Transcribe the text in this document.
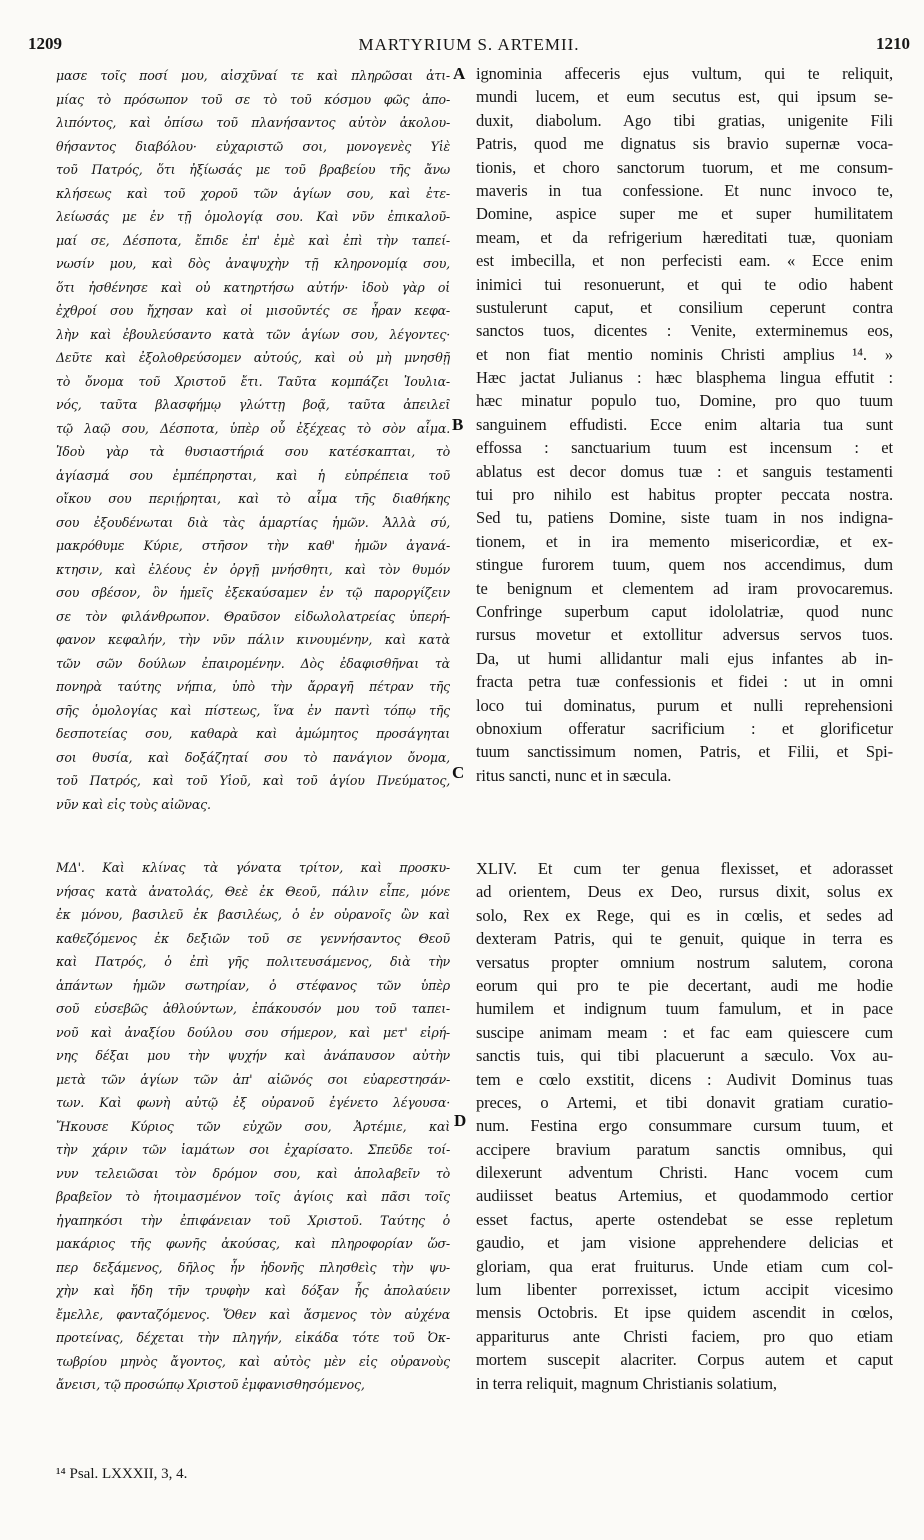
1209	MARTYRIUM S. ARTEMII.	1210
μασε τοῖς ποσί μου, αἰσχῦναί τε καὶ πληρῶσαι ἀτι-
μίας τὸ πρόσωπον τοῦ σε τὸ τοῦ κόσμου φῶς ἀπο-
λιπόντος, καὶ ὀπίσω τοῦ πλανήσαντος αὐτὸν ἀκολου-
θήσαντος διαβόλου· εὐχαριστῶ σοι, μονογενὲς Υἱὲ
τοῦ Πατρός, ὅτι ἠξίωσάς με τοῦ βραβείου τῆς ἄνω
κλήσεως καὶ τοῦ χοροῦ τῶν ἁγίων σου, καὶ ἐτε-
λείωσάς με ἐν τῇ ὁμολογίᾳ σου. Καὶ νῦν ἐπικαλοῦ-
μαί σε, Δέσποτα, ἔπιδε ἐπ' ἐμὲ καὶ ἐπὶ τὴν ταπεί-
νωσίν μου, καὶ δὸς ἀναψυχὴν τῇ κληρονομίᾳ σου,
ὅτι ἠσθένησε καὶ οὐ κατηρτήσω αὐτήν· ἰδοὺ γὰρ οἱ
ἐχθροί σου ἤχησαν καὶ οἱ μισοῦντές σε ἦραν κεφα-
λὴν καὶ ἐβουλεύσαντο κατὰ τῶν ἁγίων σου, λέγοντες·
Δεῦτε καὶ ἐξολοθρεύσομεν αὐτούς, καὶ οὐ μὴ μνησθῇ
τὸ ὄνομα τοῦ Χριστοῦ ἔτι. Ταῦτα κομπάζει Ἰουλια-
νός, ταῦτα βλασφήμῳ γλώττῃ βοᾷ, ταῦτα ἀπειλεῖ
τῷ λαῷ σου, Δέσποτα, ὑπὲρ οὗ ἐξέχεας τὸ σὸν αἷμα.
Ἰδοὺ γὰρ τὰ θυσιαστήριά σου κατέσκαπται, τὸ
ἁγίασμά σου ἐμπέπρησται, καὶ ἡ εὐπρέπεια τοῦ
οἴκου σου περιῄρηται, καὶ τὸ αἷμα τῆς διαθήκης
σου ἐξουδένωται διὰ τὰς ἁμαρτίας ἡμῶν. Ἀλλὰ σύ,
μακρόθυμε Κύριε, στῆσον τὴν καθ' ἡμῶν ἀγανά-
κτησιν, καὶ ἐλέους ἐν ὀργῇ μνήσθητι, καὶ τὸν θυμόν
σου σβέσον, ὃν ἡμεῖς ἐξεκαύσαμεν ἐν τῷ παροργίζειν
σε τὸν φιλάνθρωπον. Θραῦσον εἰδωλολατρείας ὑπερή-
φανον κεφαλήν, τὴν νῦν πάλιν κινουμένην, καὶ κατὰ
τῶν σῶν δούλων ἐπαιρομένην. Δὸς ἐδαφισθῆναι τὰ
πονηρὰ ταύτης νήπια, ὑπὸ τὴν ἄρραγῆ πέτραν τῆς
σῆς ὁμολογίας καὶ πίστεως, ἵνα ἐν παντὶ τόπῳ τῆς
δεσποτείας σου, καθαρὰ καὶ ἀμώμητος προσάγηται
σοι θυσία, καὶ δοξάζηταί σου τὸ πανάγιον ὄνομα,
τοῦ Πατρός, καὶ τοῦ Υἱοῦ, καὶ τοῦ ἁγίου Πνεύματος,
νῦν καὶ εἰς τοὺς αἰῶνας.
ignominia affeceris ejus vultum, qui te reliquit,
mundi lucem, et eum secutus est, qui ipsum se-
duxit, diabolum. Ago tibi gratias, unigenite Fili
Patris, quod me dignatus sis bravio supernæ voca-
tionis, et choro sanctorum tuorum, et me consum-
maveris in tua confessione. Et nunc invoco te,
Domine, aspice super me et super humilitatem
meam, et da refrigerium hæreditati tuæ, quoniam
est imbecilla, et non perfecisti eam. « Ecce enim
inimici tui resonuerunt, et qui te odio habent
sustulerunt caput, et consilium ceperunt contra
sanctos tuos, dicentes : Venite, exterminemus eos,
et non fiat mentio nominis Christi amplius ¹⁴. »
Hæc jactat Julianus : hæc blasphema lingua effutit :
hæc minatur populo tuo, Domine, pro quo tuum
sanguinem effudisti. Ecce enim altaria tua sunt
effossa : sanctuarium tuum est incensum : et
ablatus est decor domus tuæ : et sanguis testamenti
tui pro nihilo est habitus propter peccata nostra.
Sed tu, patiens Domine, siste tuam in nos indigna-
tionem, et in ira memento misericordiæ, et ex-
stingue furorem tuum, quem nos accendimus, dum
te benignum et clementem ad iram provocaremus.
Confringe superbum caput idololatriæ, quod nunc
rursus movetur et extollitur adversus servos tuos.
Da, ut humi allidantur mali ejus infantes ab in-
fracta petra tuæ confessionis et fidei : ut in omni
loco tui dominatus, purum et nulli reprehensioni
obnoxium offeratur sacrificium : et glorificetur
tuum sanctissimum nomen, Patris, et Filii, et Spi-
ritus sancti, nunc et in sæcula.
ΜΔ'. Καὶ κλίνας τὰ γόνατα τρίτον, καὶ προσκυ-
νήσας κατὰ ἀνατολάς, Θεὲ ἐκ Θεοῦ, πάλιν εἶπε, μόνε
ἐκ μόνου, βασιλεῦ ἐκ βασιλέως, ὁ ἐν οὐρανοῖς ὢν καὶ
καθεζόμενος ἐκ δεξιῶν τοῦ σε γεννήσαντος Θεοῦ
καὶ Πατρός, ὁ ἐπὶ γῆς πολιτευσάμενος, διὰ τὴν
ἁπάντων ἡμῶν σωτηρίαν, ὁ στέφανος τῶν ὑπὲρ
σοῦ εὐσεβῶς ἀθλούντων, ἐπάκουσόν μου τοῦ ταπει-
νοῦ καὶ ἀναξίου δούλου σου σήμερον, καὶ μετ' εἰρή-
νης δέξαι μου τὴν ψυχήν καὶ ἀνάπαυσον αὐτὴν
μετὰ τῶν ἁγίων τῶν ἀπ' αἰῶνός σοι εὐαρεστησάν-
των. Καὶ φωνὴ αὐτῷ ἐξ οὐρανοῦ ἐγένετο λέγουσα·
Ἤκουσε Κύριος τῶν εὐχῶν σου, Ἀρτέμιε, καὶ
τὴν χάριν τῶν ἰαμάτων σοι ἐχαρίσατο. Σπεῦδε τοί-
νυν τελειῶσαι τὸν δρόμον σου, καὶ ἀπολαβεῖν τὸ
βραβεῖον τὸ ἡτοιμασμένον τοῖς ἁγίοις καὶ πᾶσι τοῖς
ἠγαπηκόσι τὴν ἐπιφάνειαν τοῦ Χριστοῦ. Ταύτης ὁ
μακάριος τῆς φωνῆς ἀκούσας, καὶ πληροφορίαν ὥσ-
περ δεξάμενος, δῆλος ἦν ἡδονῆς πλησθεὶς τὴν ψυ-
χὴν καὶ ἤδη τῆν τρυφὴν καὶ δόξαν ἧς ἀπολαύειν
ἔμελλε, φανταζόμενος. Ὅθεν καὶ ἄσμενος τὸν αὐχένα
προτείνας, δέχεται τὴν πληγήν, εἰκάδα τότε τοῦ Ὀκ-
τωβρίου μηνὸς ἄγοντος, καὶ αὐτὸς μὲν εἰς οὐρανοὺς
ἄνεισι, τῷ προσώπῳ Χριστοῦ ἐμφανισθησόμενος,
XLIV. Et cum ter genua flexisset, et adorasset
ad orientem, Deus ex Deo, rursus dixit, solus ex
solo, Rex ex Rege, qui es in cœlis, et sedes ad
dexteram Patris, qui te genuit, quique in terra es
versatus propter omnium nostrum salutem, corona
eorum qui pro te pie decertant, audi me hodie
humilem et indignum tuum famulum, et in pace
suscipe animam meam : et fac eam quiescere cum
sanctis tuis, qui tibi placuerunt a sæculo. Vox au-
tem e cœlo exstitit, dicens : Audivit Dominus tuas
preces, o Artemi, et tibi donavit gratiam curatio-
num. Festina ergo consummare cursum tuum, et
accipere bravium paratum sanctis omnibus, qui
dilexerunt adventum Christi. Hanc vocem cum
audiisset beatus Artemius, et quodammodo certior
esset factus, aperte ostendebat se esse repletum
gaudio, et jam visione apprehendere delicias et
gloriam, qua erat fruiturus. Unde etiam cum col-
lum libenter porrexisset, ictum accipit vicesimo
mensis Octobris. Et ipse quidem ascendit in cœlos,
appariturus ante Christi faciem, pro quo etiam
mortem suscepit alacriter. Corpus autem et caput
in terra reliquit, magnum Christianis solatium,
A
B
C
D
¹⁴ Psal. LXXXII, 3, 4.
